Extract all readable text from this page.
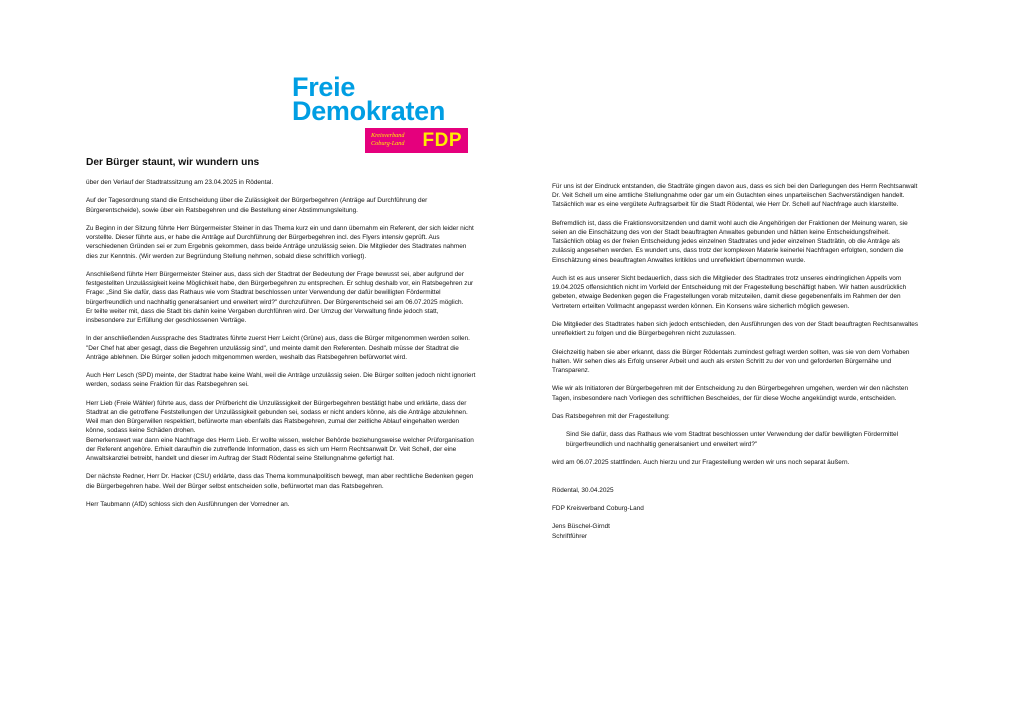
Freie
Demokraten
Kreisverband
Coburg-Land FDP
Der Bürger staunt, wir wundern uns

über den Verlauf der Stadtratssitzung am 23.04.2025 in Rödental.

Auf der Tagesordnung stand die Entscheidung über die Zulässigkeit der Bürgerbegehren (Anträge auf Durchführung der Bürgerentscheide), sowie über ein Ratsbegehren und die Bestellung einer Abstimmungsleitung.

Zu Beginn in der Sitzung führte Herr Bürgermeister Steiner in das Thema kurz ein und dann übernahm ein Referent, der sich leider nicht vorstellte. Dieser führte aus, er habe die Anträge auf Durchführung der Bürgerbegehren incl. des Flyers intensiv geprüft. Aus verschiedenen Gründen sei er zum Ergebnis gekommen, dass beide Anträge unzulässig seien. Die Mitglieder des Stadtrates nahmen dies zur Kenntnis. (Wir werden zur Begründung Stellung nehmen, sobald diese schriftlich vorliegt).

Anschließend führte Herr Bürgermeister Steiner aus, dass sich der Stadtrat der Bedeutung der Frage bewusst sei, aber aufgrund der festgestellten Unzulässigkeit keine Möglichkeit habe, den Bürgerbegehren zu entsprechen. Er schlug deshalb vor, ein Ratsbegehren zur Frage: „Sind Sie dafür, dass das Rathaus wie vom Stadtrat beschlossen unter Verwendung der dafür bewilligten Fördermittel bürgerfreundlich und nachhaltig generalsaniert und erweitert wird?" durchzuführen. Der Bürgerentscheid sei am 06.07.2025 möglich.

Er teilte weiter mit, dass die Stadt bis dahin keine Vergaben durchführen wird. Der Umzug der Verwaltung finde jedoch statt, insbesondere zur Erfüllung der geschlossenen Verträge.

In der anschließenden Aussprache des Stadtrates führte zuerst Herr Leicht (Grüne) aus, dass die Bürger mitgenommen werden sollen. "Der Chef hat aber gesagt, dass die Begehren unzulässig sind", und meinte damit den Referenten. Deshalb müsse der Stadtrat die Anträge ablehnen. Die Bürger sollen jedoch mitgenommen werden, weshalb das Ratsbegehren befürwortet wird.

Auch Herr Lesch (SPD) meinte, der Stadtrat habe keine Wahl, weil die Anträge unzulässig seien. Die Bürger sollten jedoch nicht ignoriert werden, sodass seine Fraktion für das Ratsbegehren sei.

Herr Lieb (Freie Wähler) führte aus, dass der Prüfbericht die Unzulässigkeit der Bürgerbegehren bestätigt habe und erklärte, dass der Stadtrat an die getroffene Feststellungen der Unzulässigkeit gebunden sei, sodass er nicht anders könne, als die Anträge abzulehnen. Weil man den Bürgerwillen respektiert, befürworte man ebenfalls das Ratsbegehren, zumal der zeitliche Ablauf eingehalten werden könne, sodass keine Schäden drohen.

Bemerkenswert war dann eine Nachfrage des Herrn Lieb. Er wollte wissen, welcher Behörde beziehungsweise welcher Prüforganisation der Referent angehöre. Erhielt daraufhin die zutreffende Information, dass es sich um Herrn Rechtsanwalt Dr. Veit Schell, der eine Anwaltskanzlei betreibt, handelt und dieser im Auftrag der Stadt Rödental seine Stellungnahme gefertigt hat.

Der nächste Redner, Herr Dr. Hacker (CSU) erklärte, dass das Thema kommunalpolitisch bewegt, man aber rechtliche Bedenken gegen die Bürgerbegehren habe. Weil der Bürger selbst entscheiden solle, befürwortet man das Ratsbegehren.

Herr Taubmann (AfD) schloss sich den Ausführungen der Vorredner an.

Für uns ist der Eindruck entstanden, die Stadträte gingen davon aus, dass es sich bei den Darlegungen des Herrn Rechtsanwalt Dr. Veit Schell um eine amtliche Stellungnahme oder gar um ein Gutachten eines unparteiischen Sachverständigen handelt. Tatsächlich war es eine vergütete Auftragsarbeit für die Stadt Rödental, wie Herr Dr. Schell auf Nachfrage auch klarstellte.

Befremdlich ist, dass die Fraktionsvorsitzenden und damit wohl auch die Angehörigen der Fraktionen der Meinung waren, sie seien an die Einschätzung des von der Stadt beauftragten Anwaltes gebunden und hätten keine Entscheidungsfreiheit. Tatsächlich oblag es der freien Entscheidung jedes einzelnen Stadtrates und jeder einzelnen Stadträtin, ob die Anträge als zulässig angesehen werden. Es wundert uns, dass trotz der komplexen Materie keinerlei Nachfragen erfolgten, sondern die Einschätzung eines beauftragten Anwaltes kritiklos und unreflektiert übernommen wurde.

Auch ist es aus unserer Sicht bedauerlich, dass sich die Mitglieder des Stadtrates trotz unseres eindringlichen Appells vom 19.04.2025 offensichtlich nicht im Vorfeld der Entscheidung mit der Fragestellung beschäftigt haben. Wir hatten ausdrücklich gebeten, etwaige Bedenken gegen die Fragestellungen vorab mitzuteilen, damit diese gegebenenfalls im Rahmen der den Vertretern erteilten Vollmacht angepasst werden können. Ein Konsens wäre sicherlich möglich gewesen.

Die Mitglieder des Stadtrates haben sich jedoch entschieden, den Ausführungen des von der Stadt beauftragten Rechtsanwaltes unreflektiert zu folgen und die Bürgerbegehren nicht zuzulassen.

Gleichzeitig haben sie aber erkannt, dass die Bürger Rödentals zumindest gefragt werden sollten, was sie von dem Vorhaben halten. Wir sehen dies als Erfolg unserer Arbeit und auch als ersten Schritt zu der von und geforderten Bürgernähe und Transparenz.

Wie wir als Initiatoren der Bürgerbegehren mit der Entscheidung zu den Bürgerbegehren umgehen, werden wir den nächsten Tagen, insbesondere nach Vorliegen des schriftlichen Bescheides, der für diese Woche angekündigt wurde, entscheiden.

Das Ratsbegehren mit der Fragestellung:

Sind Sie dafür, dass das Rathaus wie vom Stadtrat beschlossen unter Verwendung der dafür bewilligten Fördermittel bürgerfreundlich und nachhaltig generalsaniert und erweitert wird?"

wird am 06.07.2025 stattfinden. Auch hierzu und zur Fragestellung werden wir uns noch separat äußern.

Rödental, 30.04.2025

FDP Kreisverband Coburg-Land

Jens Büschel-Girndt

Schriftführer
